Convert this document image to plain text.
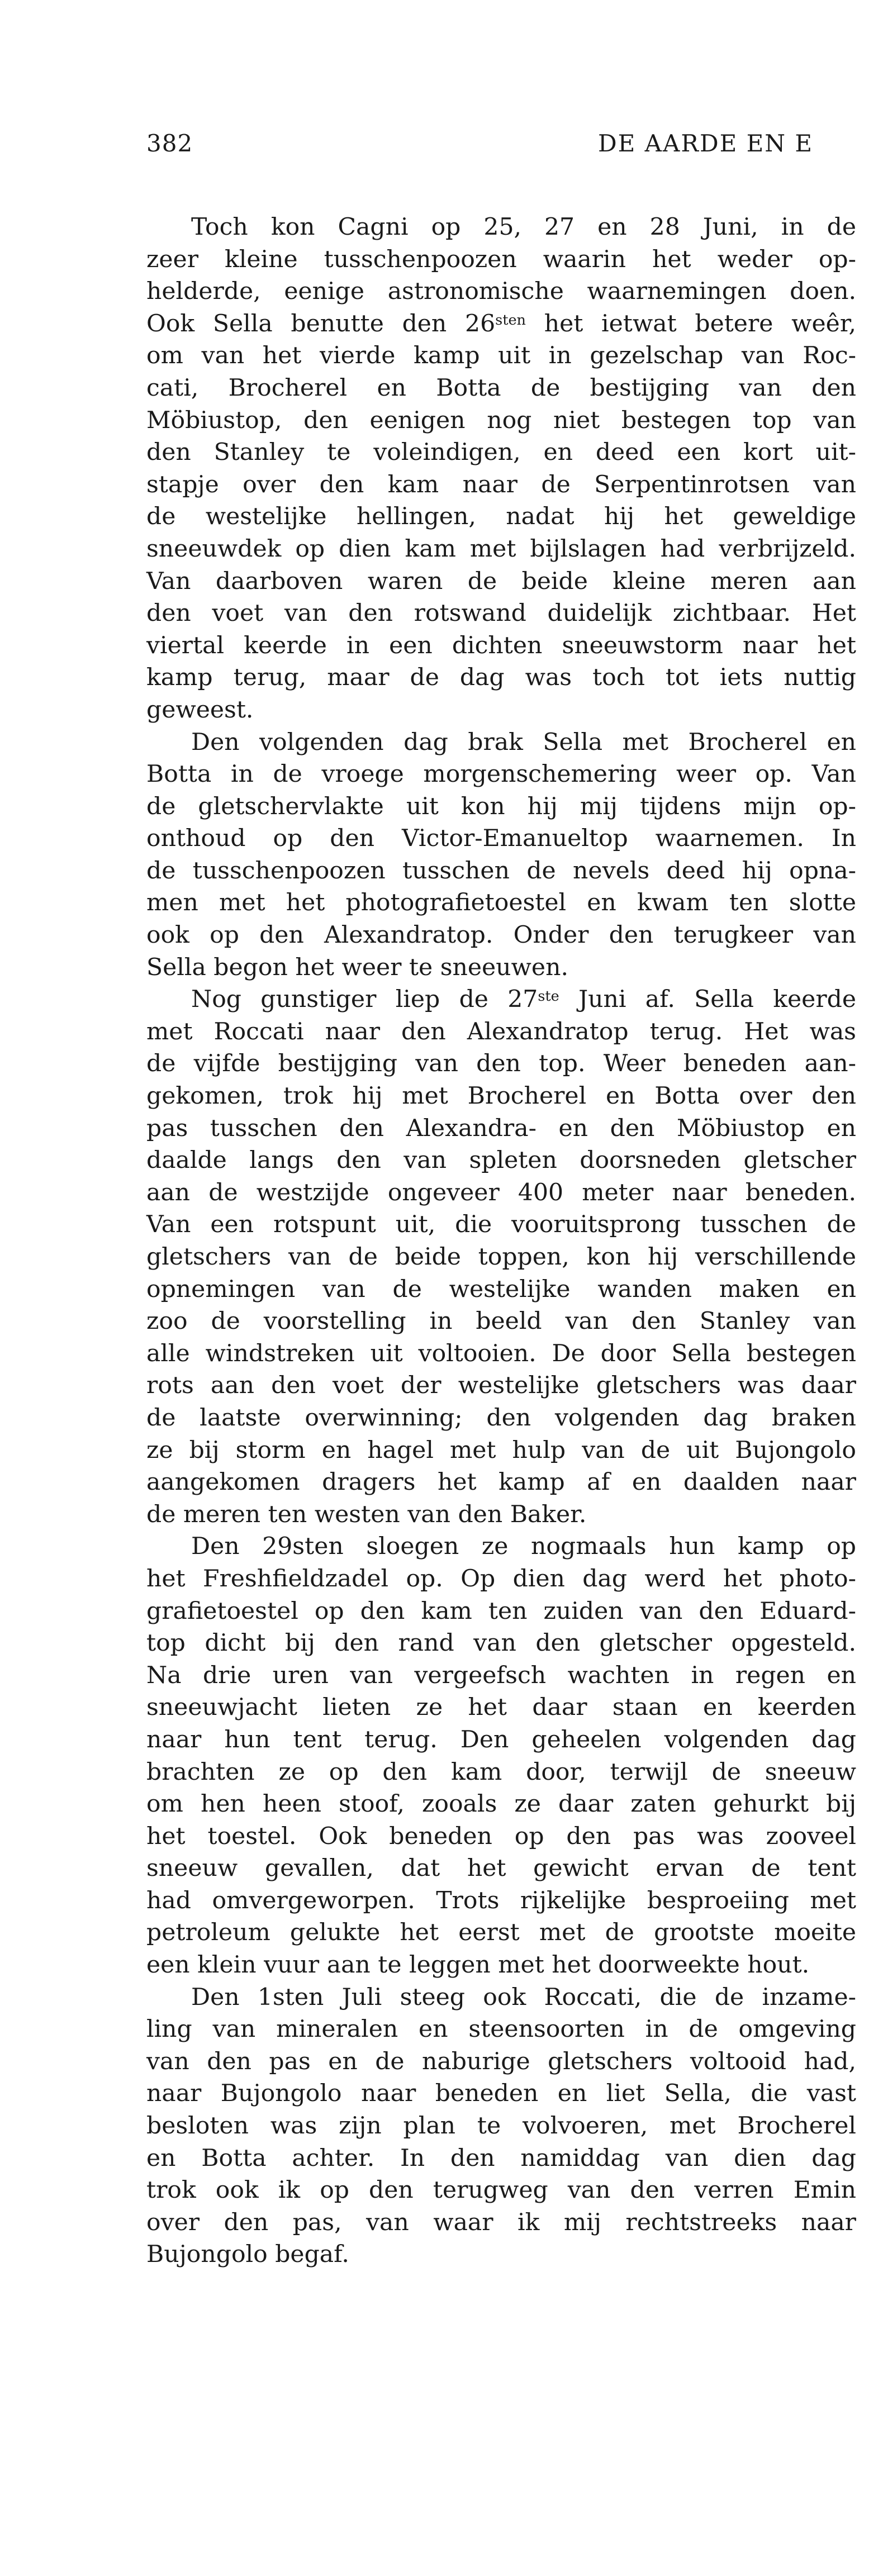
382	DE AARDE EN E
Toch kon Cagni op 25, 27 en 28 Juni, in de
zeer kleine tusschenpoozen waarin het weder op-
helderde, eenige astronomische waarnemingen doen.
Ook Sella benutte den $26^{sten}$ het ietwat betere weêr,
om van het vierde kamp uit in gezelschap van Roc-
cati, Brocherel en Botta de bestijging van den
Möbiustop, den eenigen nog niet bestegen top van
den Stanley te voleindigen, en deed een kort uit-
stapje over den kam naar de Serpentinrotsen van
de westelijke hellingen, nadat hij het geweldige
sneeuwdek op dien kam met bijlslagen had verbrijzeld.
Van daarboven waren de beide kleine meren aan
den voet van den rotswand duidelijk zichtbaar. Het
viertal keerde in een dichten sneeuwstorm naar het
kamp terug, maar de dag was toch tot iets nuttig
geweest.
Den volgenden dag brak Sella met Brocherel en
Botta in de vroege morgenschemering weer op. Van
de gletschervlakte uit kon hij mij tijdens mijn op-
onthoud op den Victor-Emanueltop waarnemen. In
de tusschenpoozen tusschen de nevels deed hij opna-
men met het photografietoestel en kwam ten slotte
ook op den Alexandratop. Onder den terugkeer van
Sella begon het weer te sneeuwen.
Nog gunstiger liep de 27ste Juni af. Sella keerde
met Roccati naar den Alexandratop terug. Het was
de vijfde bestijging van den top. Weer beneden aan-
gekomen, trok hij met Brocherel en Botta over den
pas tusschen den Alexandra- en den Möbiustop en
daalde langs den van spleten doorsneden gletscher
aan de westzijde ongeveer 400 meter naar beneden.
Van een rotspunt uit, die vooruitsprong tusschen de
gletschers van de beide toppen, kon hij verschillende
opnemingen van de westelijke wanden maken en
zoo de voorstelling in beeld van den Stanley van
alle windstreken uit voltooien. De door Sella bestegen
rots aan den voet der westelijke gletschers was daar
de laatste overwinning; den volgenden dag braken
ze bij storm en hagel met hulp van de uit Bujongolo
aangekomen dragers het kamp af en daalden naar
de meren ten westen van den Baker.
Den 29sten sloegen ze nogmaals hun kamp op
het Freshfieldzadel op. Op dien dag werd het photo-
grafietoestel op den kam ten zuiden van den Eduard-
top dicht bij den rand van den gletscher opgesteld.
Na drie uren van vergeefsch wachten in regen en
sneeuwjacht lieten ze het daar staan en keerden
naar hun tent terug. Den geheelen volgenden dag
brachten ze op den kam door, terwijl de sneeuw
om hen heen stoof, zooals ze daar zaten gehurkt bij
het toestel. Ook beneden op den pas was zooveel
sneeuw gevallen, dat het gewicht ervan de tent
had omvergeworpen. Trots rijkelijke besproeiing met
petroleum gelukte het eerst met de grootste moeite
een klein vuur aan te leggen met het doorweekte hout.
Den 1sten Juli steeg ook Roccati, die de inzame-
ling van mineralen en steensoorten in de omgeving
van den pas en de naburige gletschers voltooid had,
naar Bujongolo naar beneden en liet Sella, die vast
besloten was zijn plan te volvoeren, met Brocherel
en Botta achter. In den namiddag van dien dag
trok ook ik op den terugweg van den verren Emin
over den pas, van waar ik mij rechtstreeks naar
Bujongolo begaf.
